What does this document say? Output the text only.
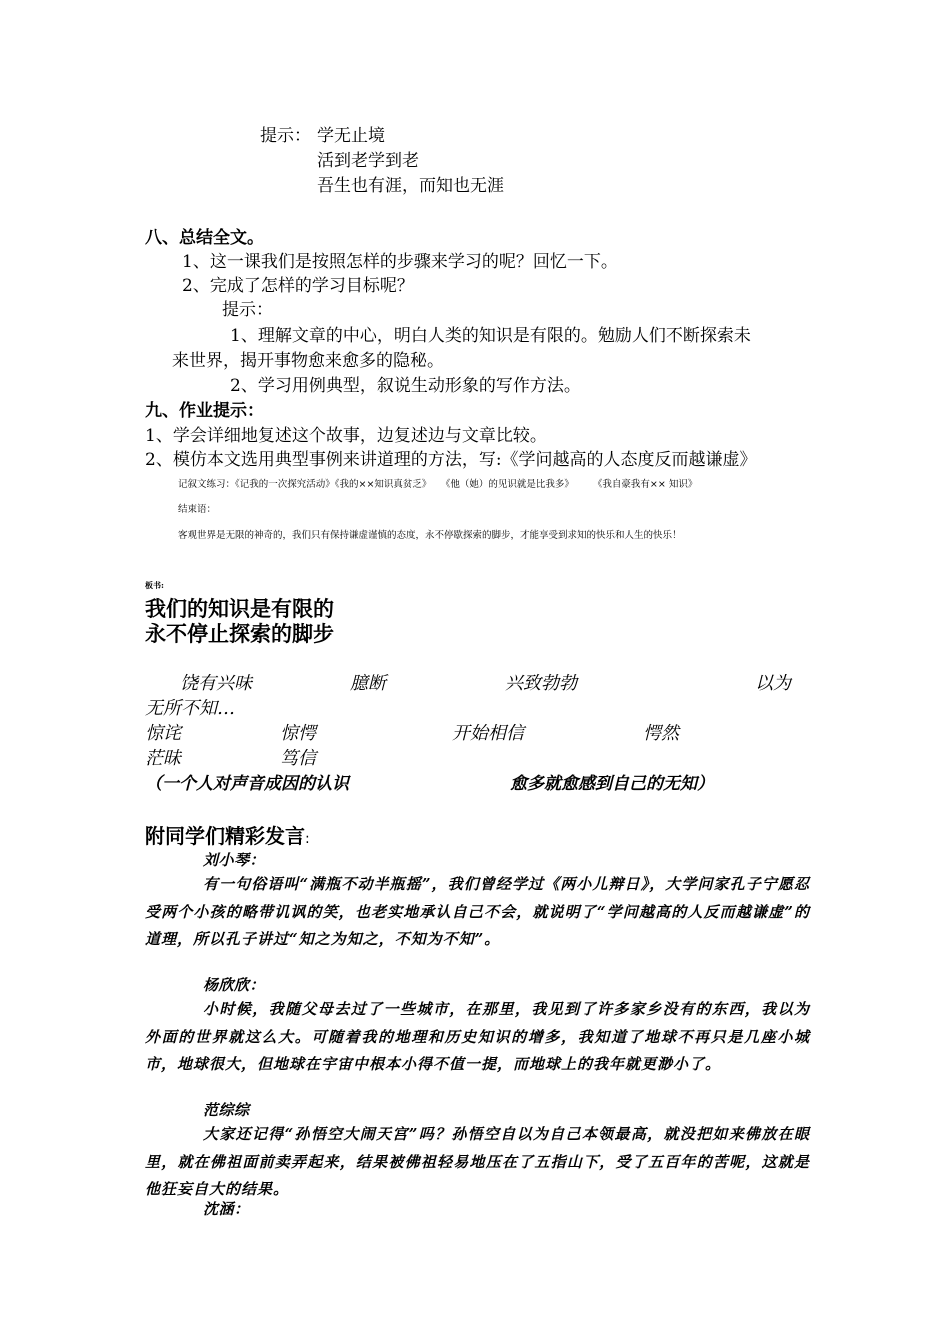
提示： 学无止境
活到老学到老
吾生也有涯，而知也无涯
八、总结全文。
1、这一课我们是按照怎样的步骤来学习的呢？回忆一下。
2、完成了怎样的学习目标呢？
提示：
1、理解文章的中心，明白人类的知识是有限的。勉励人们不断探索未
来世界，揭开事物愈来愈多的隐秘。
2、学习用例典型，叙说生动形象的写作方法。
九、作业提示：
1、学会详细地复述这个故事，边复述边与文章比较。
2、模仿本文选用典型事例来讲道理的方法，写:《学问越高的人态度反而越谦虚》
记叙文练习：《记我的一次探究活动》《我的××知识真贫乏》　　《他（她）的见识就是比我多》　　　《我自豪我有×× 知识》
结束语：
客观世界是无限的神奇的，我们只有保持谦虚谨慎的态度，永不停歇探索的脚步，才能享受到求知的快乐和人生的快乐！
板书:
我们的知识是有限的
永不停止探索的脚步
饶有兴味	臆断	兴致勃勃	以为
无所不知…
惊诧	惊愕	开始相信	愕然
茫昧	笃信
（一个人对声音成因的认识	愈多就愈感到自己的无知）
附同学们精彩发言:
刘小琴：
有一句俗语叫“满瓶不动半瓶摇”，我们曾经学过《两小儿辩日》，大学问家孔子宁愿忍受两个小孩的略带讥讽的笑，也老实地承认自己不会，就说明了“学问越高的人反而越谦虚”的道理，所以孔子讲过“知之为知之，不知为不知”。
杨欣欣：
小时候，我随父母去过了一些城市，在那里，我见到了许多家乡没有的东西，我以为外面的世界就这么大。可随着我的地理和历史知识的增多，我知道了地球不再只是几座小城市，地球很大，但地球在宇宙中根本小得不值一提，而地球上的我年就更渺小了。
范综综
大家还记得“孙悟空大闹天宫”吗？孙悟空自以为自己本领最高，就没把如来佛放在眼里，就在佛祖面前卖弄起来，结果被佛祖轻易地压在了五指山下，受了五百年的苦呢，这就是他狂妄自大的结果。
沈涵：
